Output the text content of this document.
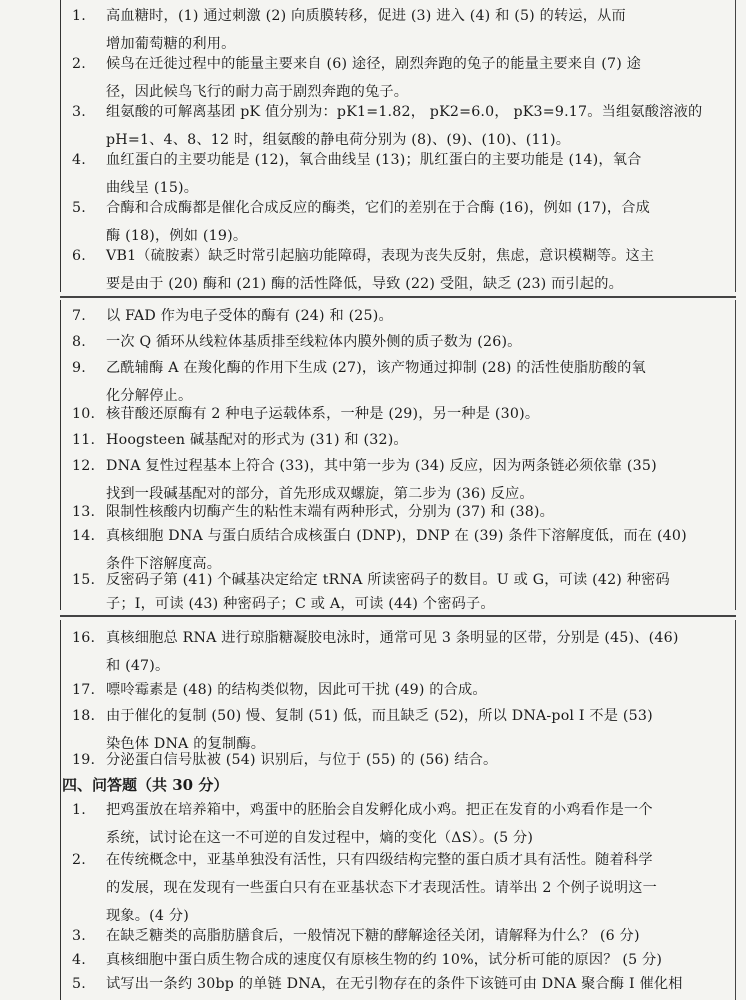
1. 高血糖时，(1) 通过刺激 (2) 向质膜转移，促进 (3) 进入 (4) 和 (5) 的转运，从而
增加葡萄糖的利用。
2. 候鸟在迁徙过程中的能量主要来自 (6) 途径，剧烈奔跑的兔子的能量主要来自 (7) 途
径，因此候鸟飞行的耐力高于剧烈奔跑的兔子。
3. 组氨酸的可解离基团 pK 值分别为：pK1=1.82， pK2=6.0， pK3=9.17。当组氨酸溶液的
pH=1、4、8、12 时，组氨酸的静电荷分别为 (8)、(9)、(10)、(11)。
4. 血红蛋白的主要功能是 (12)，氧合曲线呈 (13)；肌红蛋白的主要功能是 (14)，氧合
曲线呈 (15)。
5. 合酶和合成酶都是催化合成反应的酶类，它们的差别在于合酶 (16)，例如 (17)，合成
酶 (18)，例如 (19)。
6. VB1（硫胺素）缺乏时常引起脑功能障碍，表现为丧失反射，焦虑，意识模糊等。这主
要是由于 (20) 酶和 (21) 酶的活性降低，导致 (22) 受阻，缺乏 (23) 而引起的。
7. 以 FAD 作为电子受体的酶有 (24) 和 (25)。
8. 一次 Q 循环从线粒体基质排至线粒体内膜外侧的质子数为 (26)。
9. 乙酰辅酶 A 在羧化酶的作用下生成 (27)，该产物通过抑制 (28) 的活性使脂肪酸的氧
化分解停止。
10. 核苷酸还原酶有 2 种电子运载体系，一种是 (29)，另一种是 (30)。
11. Hoogsteen 碱基配对的形式为 (31) 和 (32)。
12. DNA 复性过程基本上符合 (33)，其中第一步为 (34) 反应，因为两条链必须依靠 (35)
找到一段碱基配对的部分，首先形成双螺旋，第二步为 (36) 反应。
13. 限制性核酸内切酶产生的粘性末端有两种形式，分别为 (37) 和 (38)。
14. 真核细胞 DNA 与蛋白质结合成核蛋白 (DNP)，DNP 在 (39) 条件下溶解度低，而在 (40)
条件下溶解度高。
15. 反密码子第 (41) 个碱基决定给定 tRNA 所读密码子的数目。U 或 G，可读 (42) 种密码
子；I，可读 (43) 种密码子；C 或 A，可读 (44) 个密码子。
16. 真核细胞总 RNA 进行琼脂糖凝胶电泳时，通常可见 3 条明显的区带，分别是 (45)、(46)
和 (47)。
17. 嘌呤霉素是 (48) 的结构类似物，因此可干扰 (49) 的合成。
18. 由于催化的复制 (50) 慢、复制 (51) 低，而且缺乏 (52)，所以 DNA-pol I 不是 (53)
染色体 DNA 的复制酶。
19. 分泌蛋白信号肽被 (54) 识别后，与位于 (55) 的 (56) 结合。
四、问答题（共 30 分）
1. 把鸡蛋放在培养箱中，鸡蛋中的胚胎会自发孵化成小鸡。把正在发育的小鸡看作是一个
系统，试讨论在这一不可逆的自发过程中，熵的变化（ΔS）。(5 分)
2. 在传统概念中，亚基单独没有活性，只有四级结构完整的蛋白质才具有活性。随着科学
的发展，现在发现有一些蛋白只有在亚基状态下才表现活性。请举出 2 个例子说明这一
现象。(4 分)
3. 在缺乏糖类的高脂肪膳食后，一般情况下糖的酵解途径关闭，请解释为什么？ (6 分)
4. 真核细胞中蛋白质生物合成的速度仅有原核生物的约 10%，试分析可能的原因？ (5 分)
5. 试写出一条约 30bp 的单链 DNA，在无引物存在的条件下该链可由 DNA 聚合酶 I 催化相
